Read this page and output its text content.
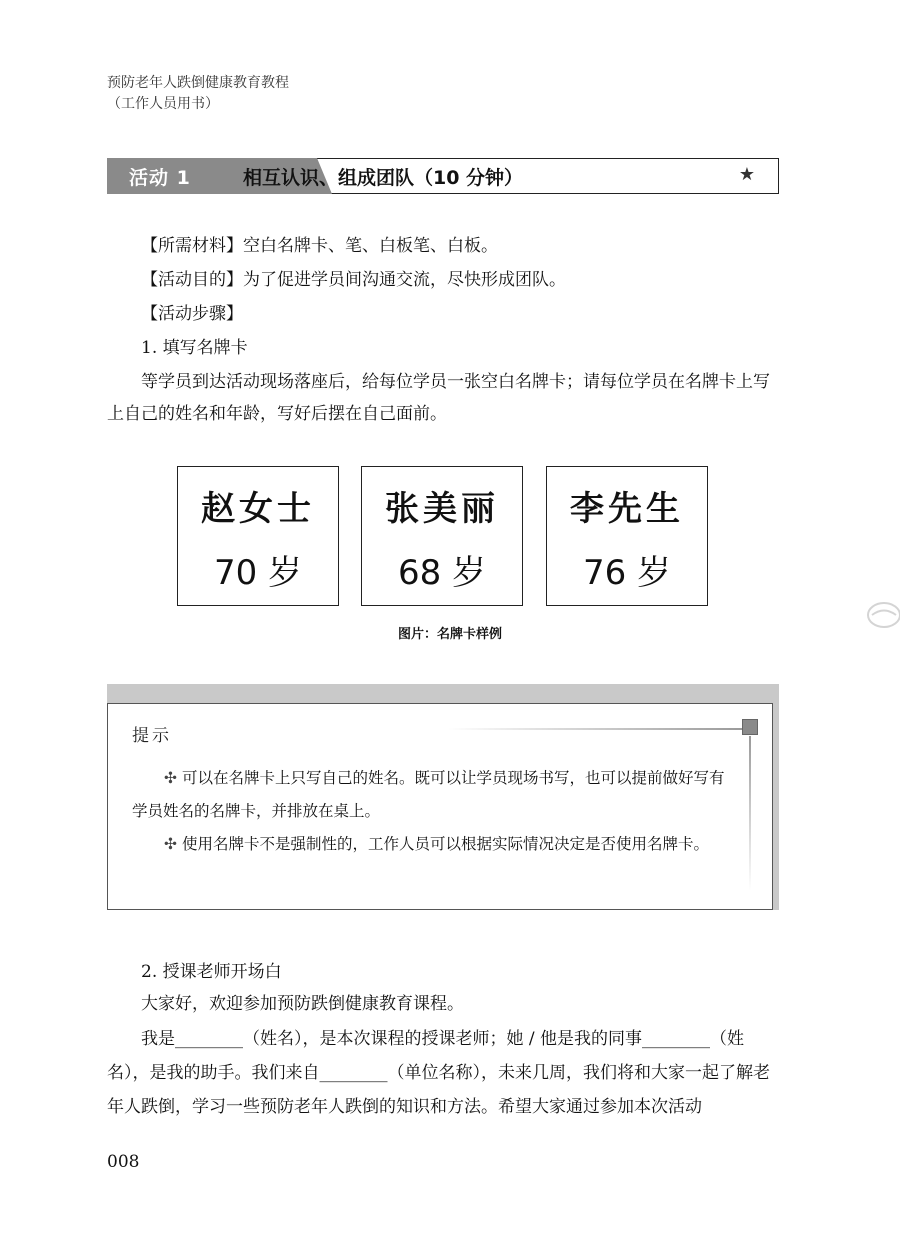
预防老年人跌倒健康教育教程
（工作人员用书）
活动 1	相互认识、组成团队（10 分钟）	★
【所需材料】空白名牌卡、笔、白板笔、白板。
【活动目的】为了促进学员间沟通交流，尽快形成团队。
【活动步骤】
1. 填写名牌卡
等学员到达活动现场落座后，给每位学员一张空白名牌卡；请每位学员在名牌卡上写上自己的姓名和年龄，写好后摆在自己面前。
赵女士
70 岁
张美丽
68 岁
李先生
76 岁
图片：名牌卡样例
提示
✣ 可以在名牌卡上只写自己的姓名。既可以让学员现场书写，也可以提前做好写有学员姓名的名牌卡，并排放在桌上。
✣ 使用名牌卡不是强制性的，工作人员可以根据实际情况决定是否使用名牌卡。
2. 授课老师开场白
大家好，欢迎参加预防跌倒健康教育课程。
我是________（姓名），是本次课程的授课老师；她 / 他是我的同事________（姓名），是我的助手。我们来自________（单位名称），未来几周，我们将和大家一起了解老年人跌倒，学习一些预防老年人跌倒的知识和方法。希望大家通过参加本次活动
008
